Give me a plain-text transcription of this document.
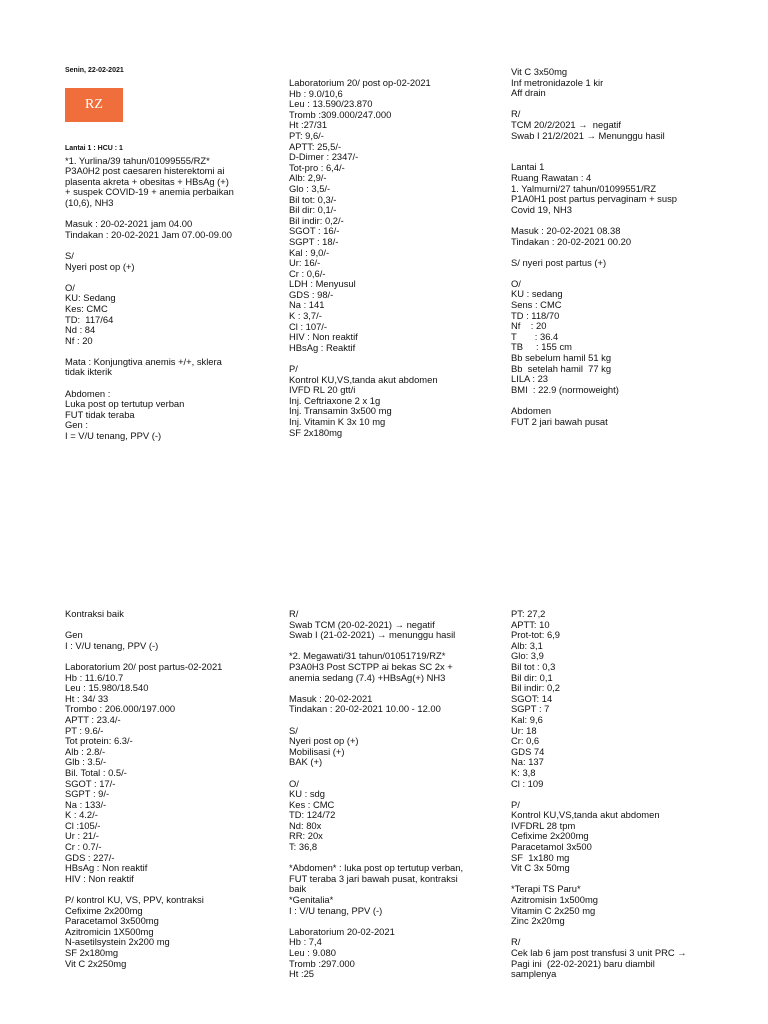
Senin, 22-02-2021
RZ
Lantai 1 : HCU : 1
*1. Yurlina/39 tahun/01099555/RZ*
P3A0H2 post caesaren histerektomi ai
plasenta akreta + obesitas + HBsAg (+)
+ suspek COVID-19 + anemia perbaikan
(10,6), NH3
Masuk : 20-02-2021 jam 04.00
Tindakan : 20-02-2021 Jam 07.00-09.00
S/
Nyeri post op (+)
O/
KU: Sedang
Kes: CMC
TD:  117/64
Nd : 84
Nf : 20
Mata : Konjungtiva anemis +/+, sklera
tidak ikterik
Abdomen :
Luka post op tertutup verban
FUT tidak teraba
Gen :
I = V/U tenang, PPV (-)
Laboratorium 20/ post op-02-2021
Hb : 9.0/10,6
Leu : 13.590/23.870
Tromb :309.000/247.000
Ht :27/31
PT: 9,6/-
APTT: 25,5/-
D-Dimer : 2347/-
Tot-pro : 6,4/-
Alb: 2,9/-
Glo : 3,5/-
Bil tot: 0,3/-
Bil dir: 0,1/-
Bil indir: 0,2/-
SGOT : 16/-
SGPT : 18/-
Kal : 9,0/-
Ur: 16/-
Cr : 0,6/-
LDH : Menyusul
GDS : 98/-
Na : 141
K : 3,7/-
Cl : 107/-
HIV : Non reaktif
HBsAg : Reaktif
P/
Kontrol KU,VS,tanda akut abdomen
IVFD RL 20 gtt/i
Inj. Ceftriaxone 2 x 1g
Inj. Transamin 3x500 mg
Inj. Vitamin K 3x 10 mg
SF 2x180mg
Vit C 3x50mg
Inf metronidazole 1 kir
Aff drain
R/
TCM 20/2/2021 →  negatif
Swab I 21/2/2021 → Menunggu hasil
Lantai 1
Ruang Rawatan : 4
1. Yalmurni/27 tahun/01099551/RZ
P1A0H1 post partus pervaginam + susp
Covid 19, NH3
Masuk : 20-02-2021 08.38
Tindakan : 20-02-2021 00.20
S/ nyeri post partus (+)
O/
KU : sedang
Sens : CMC
TD : 118/70
Nf    : 20
T       : 36.4
TB     : 155 cm
Bb sebelum hamil 51 kg
Bb  setelah hamil  77 kg
LILA : 23
BMI  : 22.9 (normoweight)
Abdomen
FUT 2 jari bawah pusat
Kontraksi baik
Gen
I : V/U tenang, PPV (-)
Laboratorium 20/ post partus-02-2021
Hb : 11.6/10.7
Leu : 15.980/18.540
Ht : 34/ 33
Trombo : 206.000/197.000
APTT : 23.4/-
PT : 9.6/-
Tot protein: 6.3/-
Alb : 2.8/-
Glb : 3.5/-
Bil. Total : 0.5/-
SGOT : 17/-
SGPT : 9/-
Na : 133/-
K : 4.2/-
Cl :105/-
Ur : 21/-
Cr : 0.7/-
GDS : 227/-
HBsAg : Non reaktif
HIV : Non reaktif
P/ kontrol KU, VS, PPV, kontraksi
Cefixime 2x200mg
Paracetamol 3x500mg
Azitromicin 1X500mg
N-asetilsystein 2x200 mg
SF 2x180mg
Vit C 2x250mg
R/
Swab TCM (20-02-2021) → negatif
Swab I (21-02-2021) → menunggu hasil
*2. Megawati/31 tahun/01051719/RZ*
P3A0H3 Post SCTPP ai bekas SC 2x +
anemia sedang (7.4) +HBsAg(+) NH3
Masuk : 20-02-2021
Tindakan : 20-02-2021 10.00 - 12.00
S/
Nyeri post op (+)
Mobilisasi (+)
BAK (+)
O/
KU : sdg
Kes : CMC
TD: 124/72
Nd: 80x
RR: 20x
T: 36,8
*Abdomen* : luka post op tertutup verban,
FUT teraba 3 jari bawah pusat, kontraksi
baik
*Genitalia*
I : V/U tenang, PPV (-)
Laboratorium 20-02-2021
Hb : 7,4
Leu : 9.080
Tromb :297.000
Ht :25
PT: 27,2
APTT: 10
Prot-tot: 6,9
Alb: 3,1
Glo: 3,9
Bil tot : 0,3
Bil dir: 0,1
Bil indir: 0,2
SGOT: 14
SGPT : 7
Kal: 9,6
Ur: 18
Cr: 0,6
GDS 74
Na: 137
K: 3,8
Cl : 109
P/
Kontrol KU,VS,tanda akut abdomen
IVFDRL 28 tpm
Cefixime 2x200mg
Paracetamol 3x500
SF  1x180 mg
Vit C 3x 50mg
*Terapi TS Paru*
Azitromisin 1x500mg
Vitamin C 2x250 mg
Zinc 2x20mg
R/
Cek lab 6 jam post transfusi 3 unit PRC →
Pagi ini  (22-02-2021) baru diambil
samplenya
